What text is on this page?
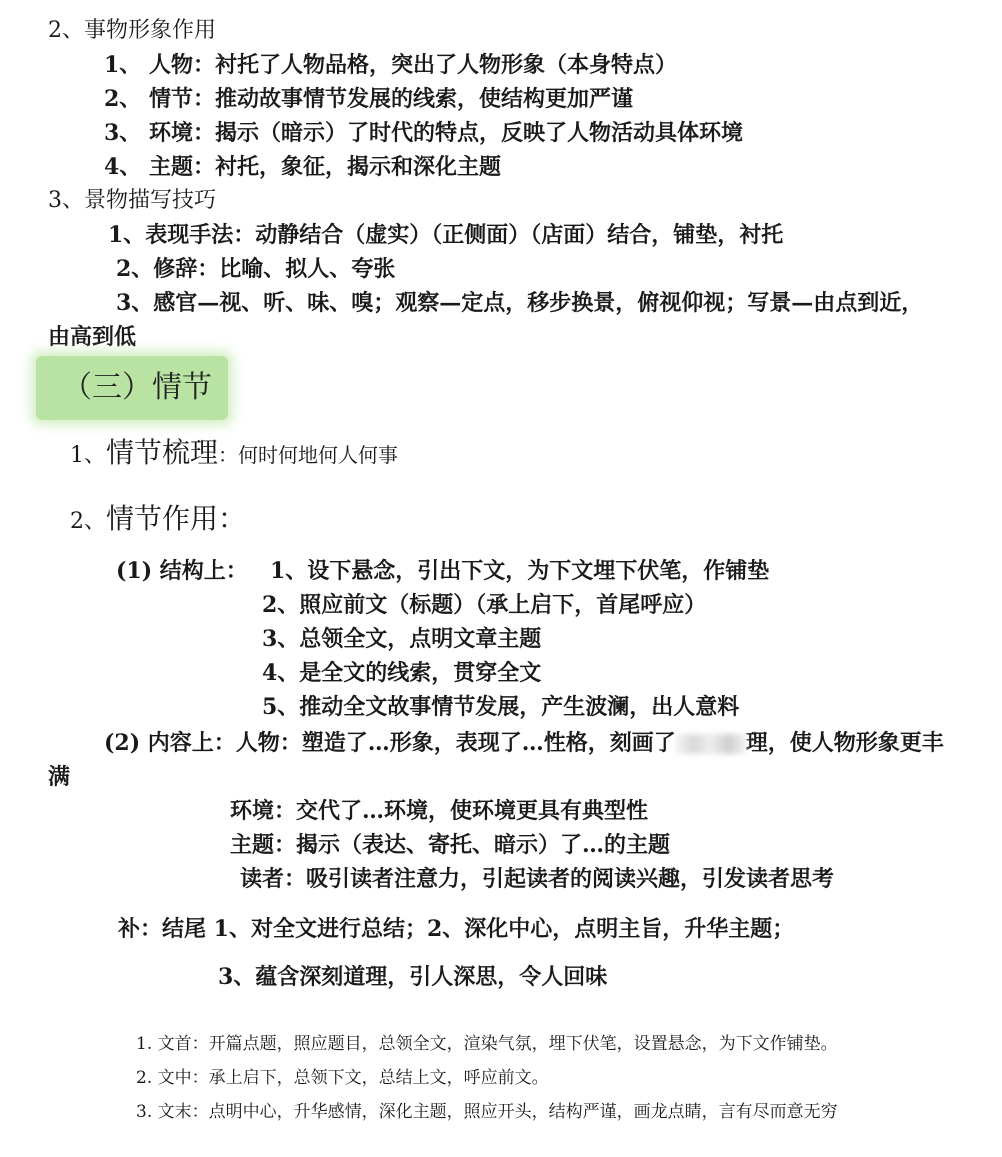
2、事物形象作用
1、 人物：衬托了人物品格，突出了人物形象（本身特点）
2、 情节：推动故事情节发展的线索，使结构更加严谨
3、 环境：揭示（暗示）了时代的特点，反映了人物活动具体环境
4、 主题：衬托，象征，揭示和深化主题
3、景物描写技巧
1、表现手法：动静结合（虚实）（正侧面）（店面）结合，铺垫，衬托
2、修辞：比喻、拟人、夸张
3、感官—视、听、味、嗅；观察—定点，移步换景，俯视仰视；写景—由点到近，
由高到低
（三）情节
1、情节梳理：何时何地何人何事
2、情节作用：
(1) 结构上： 1、设下悬念，引出下文，为下文埋下伏笔，作铺垫
2、照应前文（标题）（承上启下，首尾呼应）
3、总领全文，点明文章主题
4、是全文的线索，贯穿全文
5、推动全文故事情节发展，产生波澜，出人意料
(2) 内容上：人物：塑造了…形象，表现了…性格，刻画了	理，使人物形象更丰
满
环境：交代了…环境，使环境更具有典型性
主题：揭示（表达、寄托、暗示）了…的主题
读者：吸引读者注意力，引起读者的阅读兴趣，引发读者思考
补：结尾 1、对全文进行总结；2、深化中心，点明主旨，升华主题；
3、蕴含深刻道理，引人深思，令人回味
1. 文首：开篇点题，照应题目，总领全文，渲染气氛，埋下伏笔，设置悬念，为下文作铺垫。
2. 文中：承上启下，总领下文，总结上文，呼应前文。
3. 文末：点明中心，升华感情，深化主题，照应开头，结构严谨，画龙点睛，言有尽而意无穷
